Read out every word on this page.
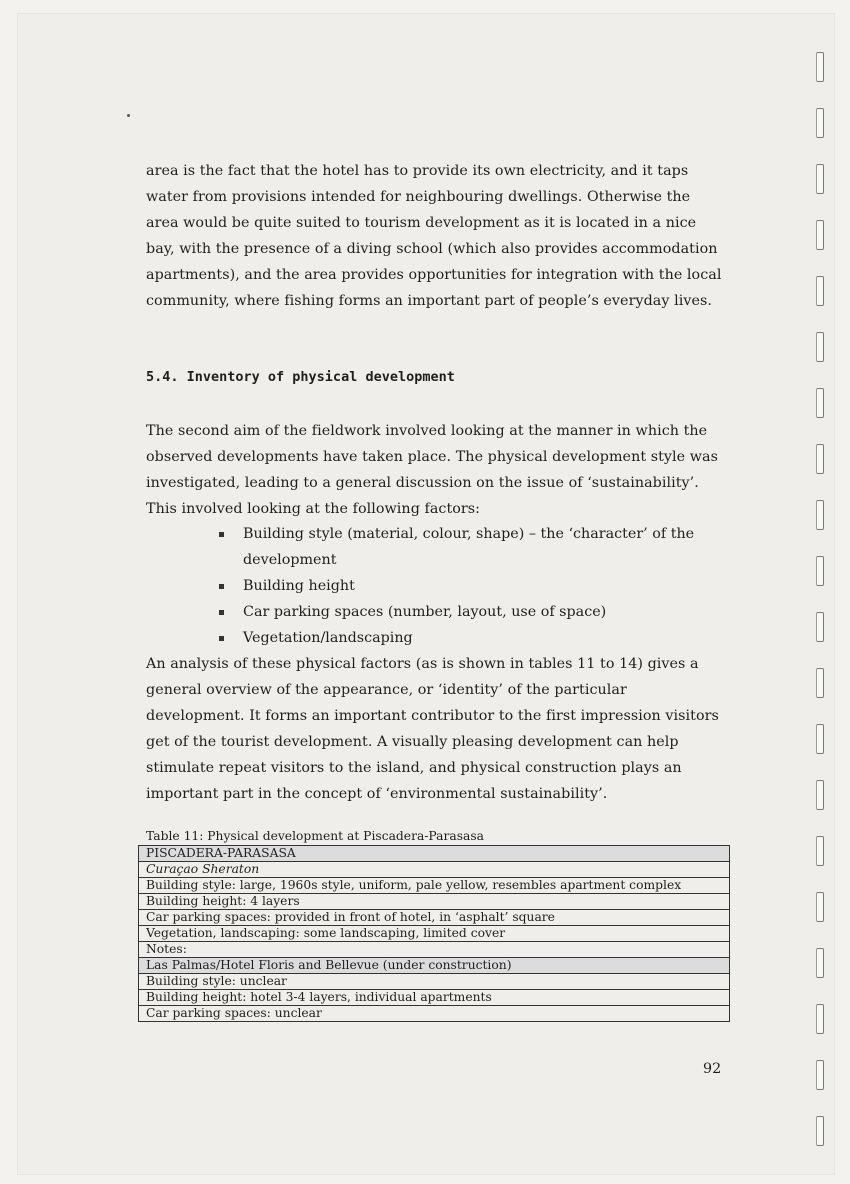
area is the fact that the hotel has to provide its own electricity, and it taps water from provisions intended for neighbouring dwellings. Otherwise the area would be quite suited to tourism development as it is located in a nice bay, with the presence of a diving school (which also provides accommodation apartments), and the area provides opportunities for integration with the local community, where fishing forms an important part of people’s everyday lives.
5.4. Inventory of physical development
The second aim of the fieldwork involved looking at the manner in which the observed developments have taken place. The physical development style was investigated, leading to a general discussion on the issue of ‘sustainability’. This involved looking at the following factors:
Building style (material, colour, shape) – the ‘character’ of the development
Building height
Car parking spaces (number, layout, use of space)
Vegetation/landscaping
An analysis of these physical factors (as is shown in tables 11 to 14) gives a general overview of the appearance, or ‘identity’ of the particular development. It forms an important contributor to the first impression visitors get of the tourist development. A visually pleasing development can help stimulate repeat visitors to the island, and physical construction plays an important part in the concept of ‘environmental sustainability’.
Table 11: Physical development at Piscadera-Parasasa
PISCADERA-PARASASA
Curaçao Sheraton
Building style: large, 1960s style, uniform, pale yellow, resembles apartment complex
Building height: 4 layers
Car parking spaces: provided in front of hotel, in ‘asphalt’ square
Vegetation, landscaping: some landscaping, limited cover
Notes:
Las Palmas/Hotel Floris and Bellevue (under construction)
Building style: unclear
Building height: hotel 3-4 layers, individual apartments
Car parking spaces: unclear
92
